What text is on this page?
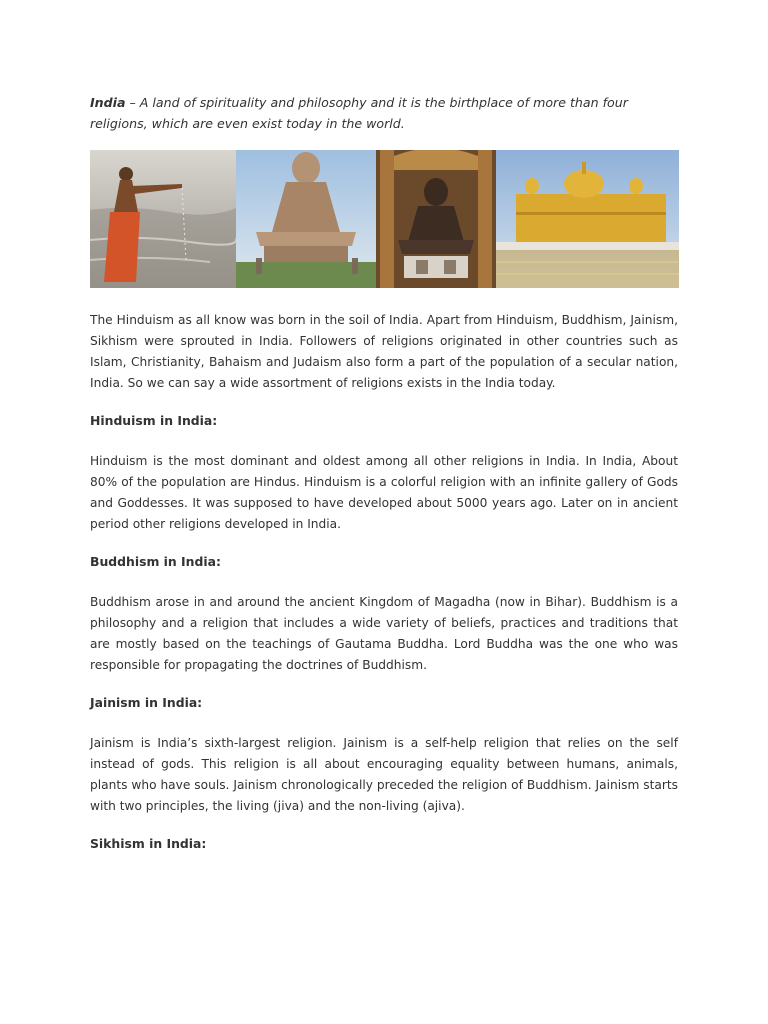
India – A land of spirituality and philosophy and it is the birthplace of more than four religions, which are even exist today in the world.

The Hinduism as all know was born in the soil of India. Apart from Hinduism, Buddhism, Jainism, Sikhism were sprouted in India. Followers of religions originated in other countries such as Islam, Christianity, Bahaism and Judaism also form a part of the population of a secular nation, India. So we can say a wide assortment of religions exists in the India today.

Hinduism in India:

Hinduism is the most dominant and oldest among all other religions in India. In India, About 80% of the population are Hindus. Hinduism is a colorful religion with an infinite gallery of Gods and Goddesses. It was supposed to have developed about 5000 years ago. Later on in ancient period other religions developed in India.

Buddhism in India:

Buddhism arose in and around the ancient Kingdom of Magadha (now in Bihar). Buddhism is a philosophy and a religion that includes a wide variety of beliefs, practices and traditions that are mostly based on the teachings of Gautama Buddha. Lord Buddha was the one who was responsible for propagating the doctrines of Buddhism.

Jainism in India:

Jainism is India’s sixth-largest religion. Jainism is a self-help religion that relies on the self instead of gods. This religion is all about encouraging equality between humans, animals, plants who have souls. Jainism chronologically preceded the religion of Buddhism. Jainism starts with two principles, the living (jiva) and the non-living (ajiva).

Sikhism in India:
